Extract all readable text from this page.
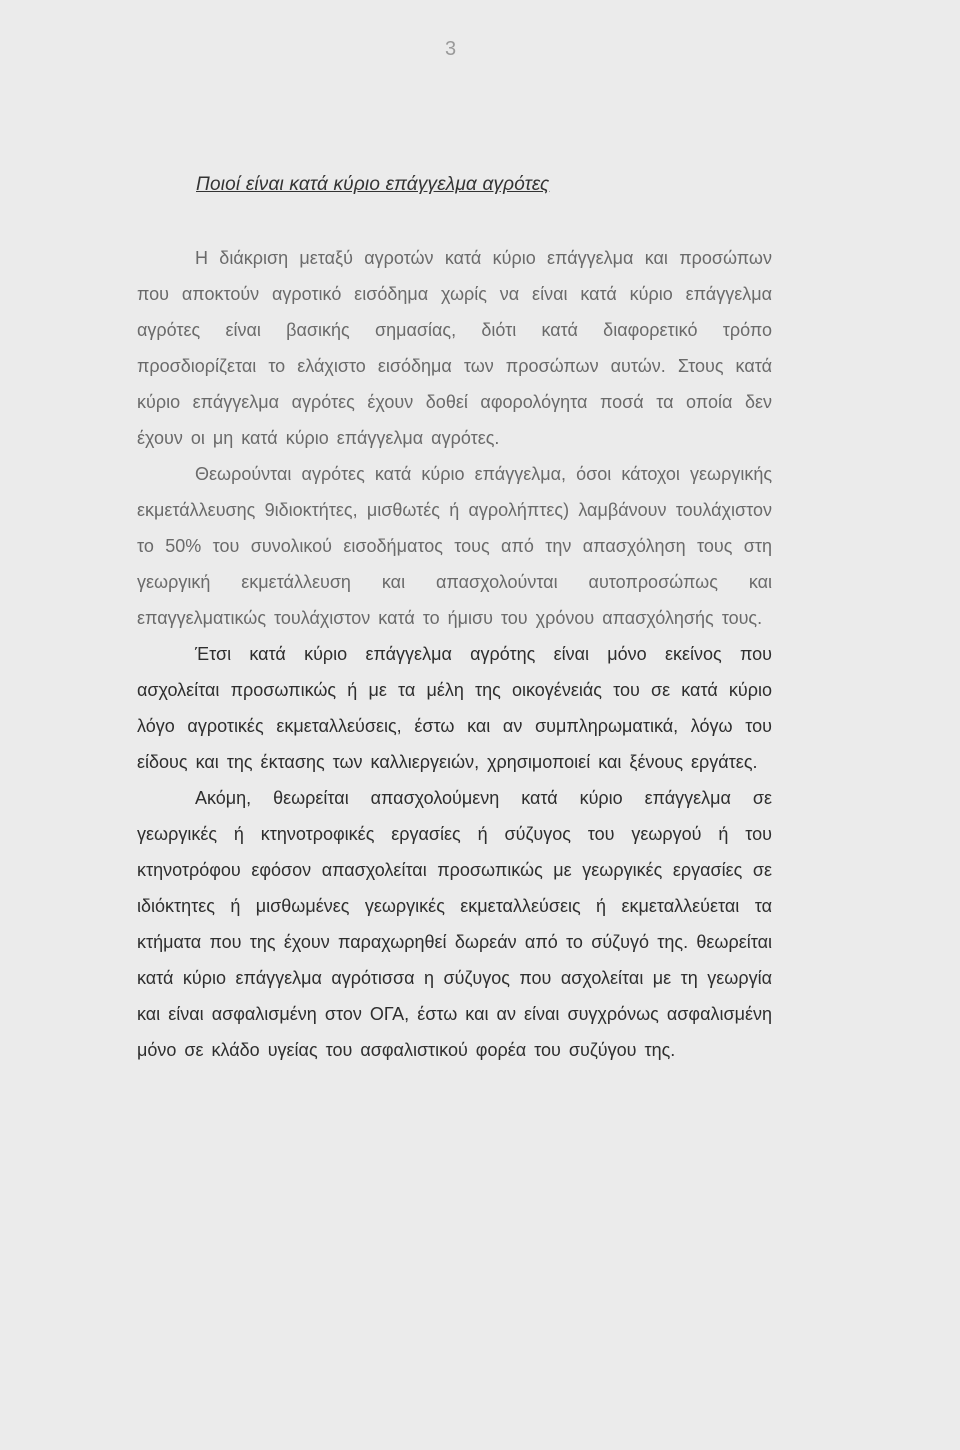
3
Ποιοί είναι κατά κύριο επάγγελμα αγρότες

Η διάκριση μεταξύ αγροτών κατά κύριο επάγγελμα και προσώπων που αποκτούν αγροτικό εισόδημα χωρίς να είναι κατά κύριο επάγγελμα αγρότες είναι βασικής σημασίας, διότι κατά διαφορετικό τρόπο προσδιορίζεται το ελάχιστο εισόδημα των προσώπων αυτών. Στους κατά κύριο επάγγελμα αγρότες έχουν δοθεί αφορολόγητα ποσά τα οποία δεν έχουν οι μη κατά κύριο επάγγελμα αγρότες.

Θεωρούνται αγρότες κατά κύριο επάγγελμα, όσοι κάτοχοι γεωργικής εκμετάλλευσης 9ιδιοκτήτες, μισθωτές ή αγρολήπτες) λαμβάνουν τουλάχιστον το 50% του συνολικού εισοδήματος τους από την απασχόληση τους στη γεωργική εκμετάλλευση και απασχολούνται αυτοπροσώπως και επαγγελματικώς τουλάχιστον κατά το ήμισυ του χρόνου απασχόλησής τους.

Έτσι κατά κύριο επάγγελμα αγρότης είναι μόνο εκείνος που ασχολείται προσωπικώς ή με τα μέλη της οικογένειάς του σε κατά κύριο λόγο αγροτικές εκμεταλλεύσεις, έστω και αν συμπληρωματικά, λόγω του είδους και της έκτασης των καλλιεργειών, χρησιμοποιεί και ξένους εργάτες.

Ακόμη, θεωρείται απασχολούμενη κατά κύριο επάγγελμα σε γεωργικές ή κτηνοτροφικές εργασίες ή σύζυγος του γεωργού ή του κτηνοτρόφου εφόσον απασχολείται προσωπικώς με γεωργικές εργασίες σε ιδιόκτητες ή μισθωμένες γεωργικές εκμεταλλεύσεις ή εκμεταλλεύεται τα κτήματα που της έχουν παραχωρηθεί δωρεάν από το σύζυγό της. θεωρείται κατά κύριο επάγγελμα αγρότισσα η σύζυγος που ασχολείται με τη γεωργία και είναι ασφαλισμένη στον ΟΓΑ, έστω και αν είναι συγχρόνως ασφαλισμένη μόνο σε κλάδο υγείας του ασφαλιστικού φορέα του συζύγου της.
